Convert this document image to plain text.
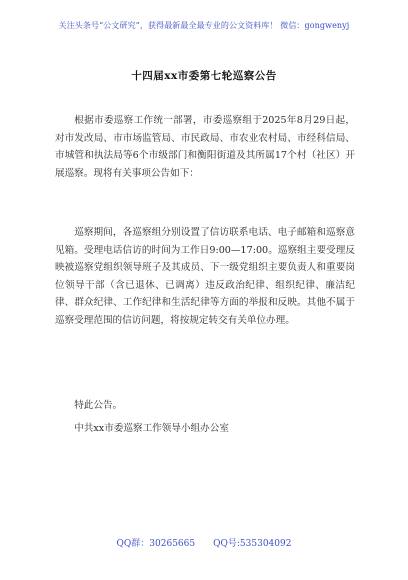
关注头条号“公文研究”，获得最新最全最专业的公文资料库！ 微信：gongwenyj
十四届xx市委第七轮巡察公告

根据市委巡察工作统一部署，市委巡察组于2025年8月29日起，对市发改局、市市场监管局、市民政局、市农业农村局、市经科信局、市城管和执法局等6个市级部门和衡阳街道及其所属17个村（社区）开展巡察。现将有关事项公告如下：

巡察期间，各巡察组分别设置了信访联系电话、电子邮箱和巡察意见箱。受理电话信访的时间为工作日9:00—17:00。巡察组主要受理反映被巡察党组织领导班子及其成员、下一级党组织主要负责人和重要岗位领导干部（含已退休、已调离）违反政治纪律、组织纪律、廉洁纪律、群众纪律、工作纪律和生活纪律等方面的举报和反映。其他不属于巡察受理范围的信访问题，将按规定转交有关单位办理。

特此公告。

中共xx市委巡察工作领导小组办公室

QQ群：30265665 QQ号:535304092
